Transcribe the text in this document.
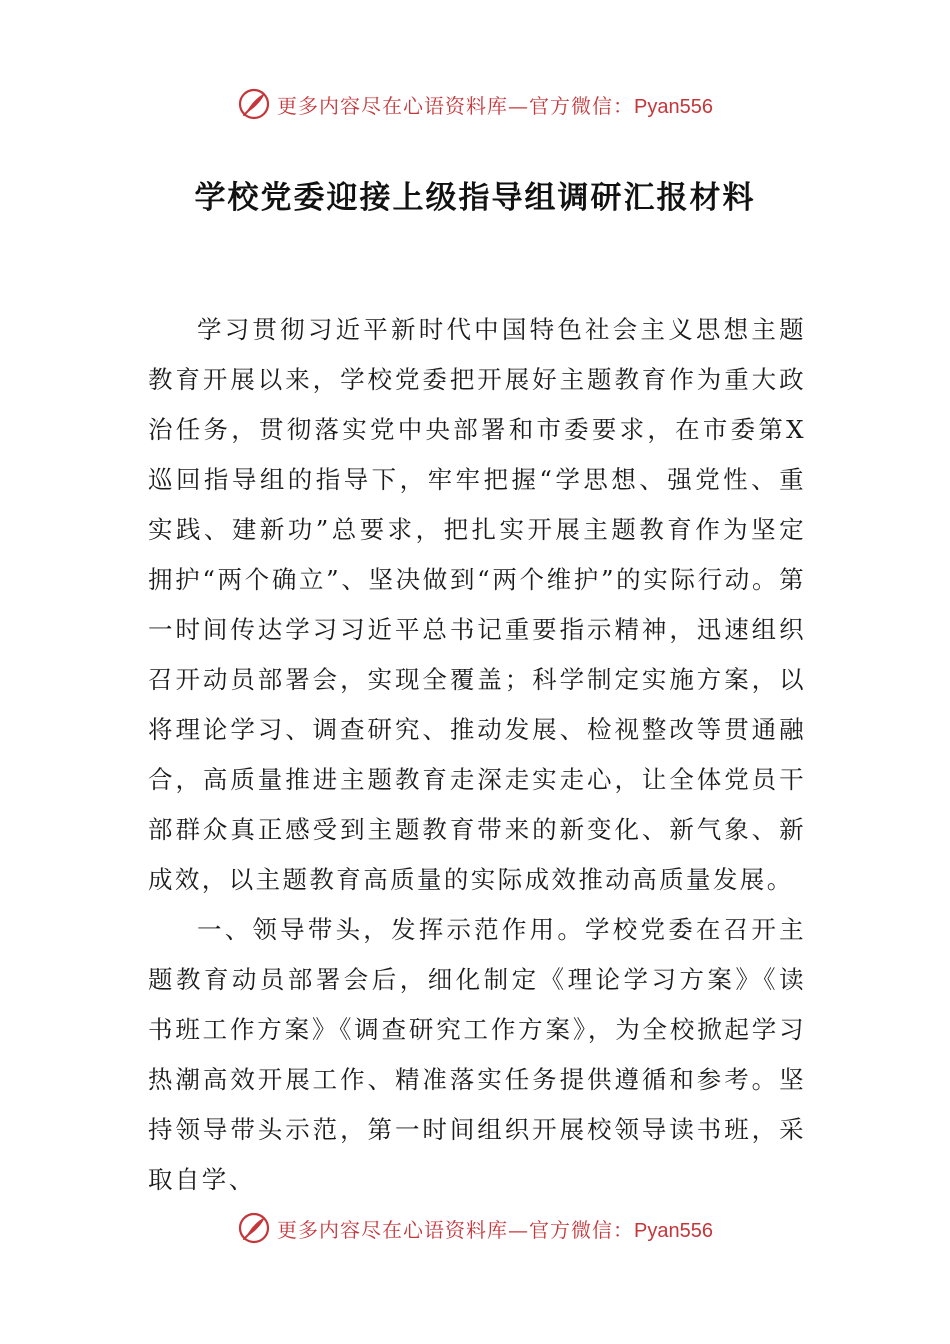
更多内容尽在心语资料库—官方微信：Pyan556
学校党委迎接上级指导组调研汇报材料

学习贯彻习近平新时代中国特色社会主义思想主题教育开展以来，学校党委把开展好主题教育作为重大政治任务，贯彻落实党中央部署和市委要求，在市委第X巡回指导组的指导下，牢牢把握“学思想、强党性、重实践、建新功”总要求，把扎实开展主题教育作为坚定拥护“两个确立”、坚决做到“两个维护”的实际行动。第一时间传达学习习近平总书记重要指示精神，迅速组织召开动员部署会，实现全覆盖；科学制定实施方案，以将理论学习、调查研究、推动发展、检视整改等贯通融合，高质量推进主题教育走深走实走心，让全体党员干部群众真正感受到主题教育带来的新变化、新气象、新成效，以主题教育高质量的实际成效推动高质量发展。

一、领导带头，发挥示范作用。学校党委在召开主题教育动员部署会后，细化制定《理论学习方案》《读书班工作方案》《调查研究工作方案》，为全校掀起学习热潮高效开展工作、精准落实任务提供遵循和参考。坚持领导带头示范，第一时间组织开展校领导读书班，采取自学、

更多内容尽在心语资料库—官方微信：Pyan556
